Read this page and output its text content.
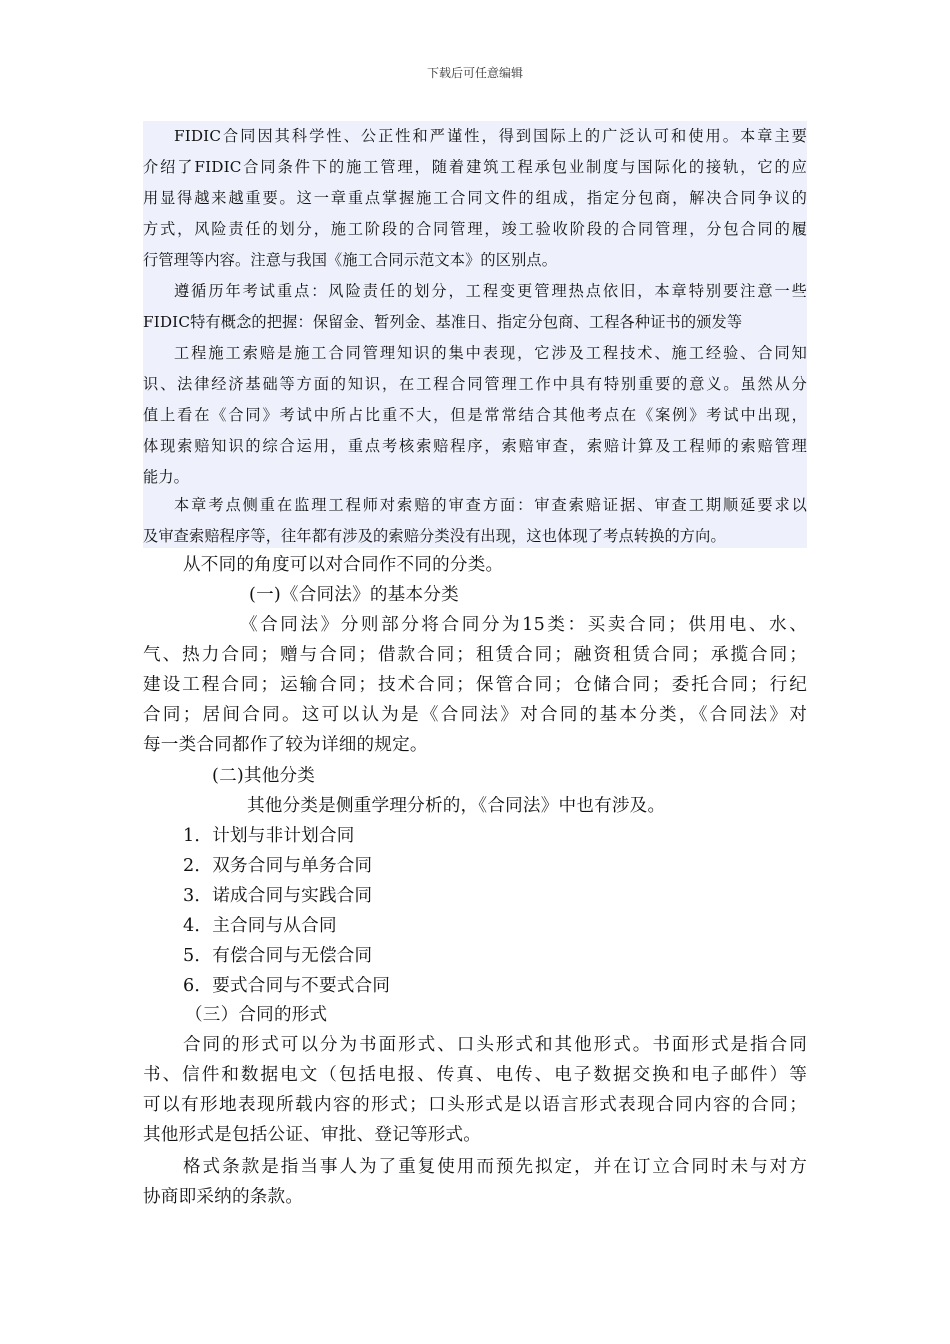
下载后可任意编辑
FIDIC合同因其科学性、公正性和严谨性，得到国际上的广泛认可和使用。本章主要
介绍了FIDIC合同条件下的施工管理，随着建筑工程承包业制度与国际化的接轨，它的应
用显得越来越重要。这一章重点掌握施工合同文件的组成，指定分包商，解决合同争议的
方式，风险责任的划分，施工阶段的合同管理，竣工验收阶段的合同管理，分包合同的履
行管理等内容。注意与我国《施工合同示范文本》的区别点。
遵循历年考试重点：风险责任的划分，工程变更管理热点依旧，本章特别要注意一些
FIDIC特有概念的把握：保留金、暂列金、基准日、指定分包商、工程各种证书的颁发等
工程施工索赔是施工合同管理知识的集中表现，它涉及工程技术、施工经验、合同知
识、法律经济基础等方面的知识，在工程合同管理工作中具有特别重要的意义。虽然从分
值上看在《合同》考试中所占比重不大，但是常常结合其他考点在《案例》考试中出现，
体现索赔知识的综合运用，重点考核索赔程序，索赔审查，索赔计算及工程师的索赔管理
能力。
本章考点侧重在监理工程师对索赔的审查方面：审查索赔证据、审查工期顺延要求以
及审查索赔程序等，往年都有涉及的索赔分类没有出现，这也体现了考点转换的方向。
从不同的角度可以对合同作不同的分类。
(一)《合同法》的基本分类
《合同法》分则部分将合同分为15类：买卖合同；供用电、水、
气、热力合同；赠与合同；借款合同；租赁合同；融资租赁合同；承揽合同；
建设工程合同；运输合同；技术合同；保管合同；仓储合同；委托合同；行纪
合同；居间合同。这可以认为是《合同法》对合同的基本分类，《合同法》对
每一类合同都作了较为详细的规定。
(二)其他分类
其他分类是侧重学理分析的，《合同法》中也有涉及。
1．计划与非计划合同
2．双务合同与单务合同
3．诺成合同与实践合同
4．主合同与从合同
5．有偿合同与无偿合同
6．要式合同与不要式合同
（三）合同的形式
合同的形式可以分为书面形式、口头形式和其他形式。书面形式是指合同
书、信件和数据电文（包括电报、传真、电传、电子数据交换和电子邮件）等
可以有形地表现所载内容的形式；口头形式是以语言形式表现合同内容的合同；
其他形式是包括公证、审批、登记等形式。
格式条款是指当事人为了重复使用而预先拟定，并在订立合同时未与对方
协商即采纳的条款。
